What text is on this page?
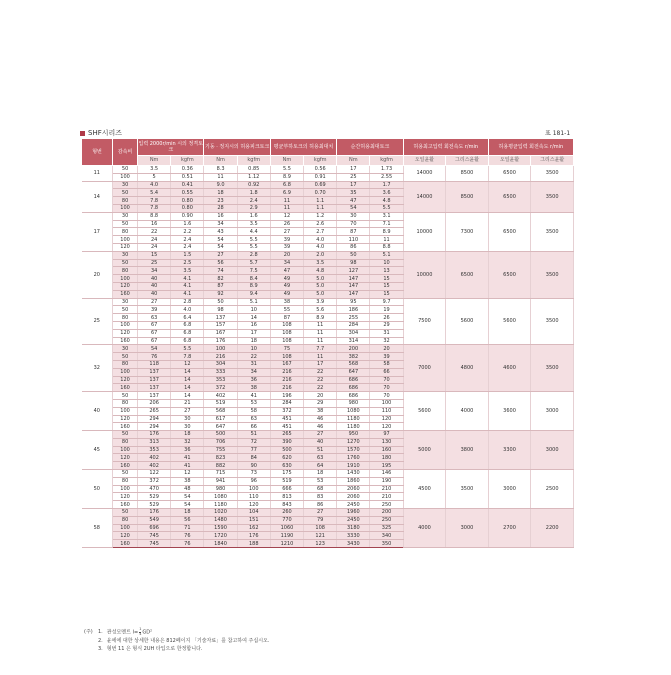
SHF시리즈	표 181-1
형번	감속비	입력 2000r/min 시의 정격토크		기동 · 정지시의 허용피크토크		평균부하토크의 허용최대치		순간허용최대토크		허용최고입력 회전속도 r/min		허용평균입력 회전속도 r/min	
		Nm	kgfm	Nm	kgfm	Nm	kgfm	Nm	kgfm	오일윤활	그리스윤활	오일윤활	그리스윤활
11	50	3.5	0.36	8.3	0.85	5.5	0.56	17	1.73	14000	8500	6500	3500
	100	5	0.51	11	1.12	8.9	0.91	25	2.55				
14	30	4.0	0.41	9.0	0.92	6.8	0.69	17	1.7	14000	8500	6500	3500
	50	5.4	0.55	18	1.8	6.9	0.70	35	3.6				
	80	7.8	0.80	23	2.4	11	1.1	47	4.8				
	100	7.8	0.80	28	2.9	11	1.1	54	5.5				
17	30	8.8	0.90	16	1.6	12	1.2	30	3.1	10000	7300	6500	3500
	50	16	1.6	34	3.5	26	2.6	70	7.1				
	80	22	2.2	43	4.4	27	2.7	87	8.9				
	100	24	2.4	54	5.5	39	4.0	110	11				
	120	24	2.4	54	5.5	39	4.0	86	8.8				
20	30	15	1.5	27	2.8	20	2.0	50	5.1	10000	6500	6500	3500
	50	25	2.5	56	5.7	34	3.5	98	10				
	80	34	3.5	74	7.5	47	4.8	127	13				
	100	40	4.1	82	8.4	49	5.0	147	15				
	120	40	4.1	87	8.9	49	5.0	147	15				
	160	40	4.1	92	9.4	49	5.0	147	15				
25	30	27	2.8	50	5.1	38	3.9	95	9.7	7500	5600	5600	3500
	50	39	4.0	98	10	55	5.6	186	19				
	80	63	6.4	137	14	87	8.9	255	26				
	100	67	6.8	157	16	108	11	284	29				
	120	67	6.8	167	17	108	11	304	31				
	160	67	6.8	176	18	108	11	314	32				
32	30	54	5.5	100	10	75	7.7	200	20	7000	4800	4600	3500
	50	76	7.8	216	22	108	11	382	39				
	80	118	12	304	31	167	17	568	58				
	100	137	14	333	34	216	22	647	66				
	120	137	14	353	36	216	22	686	70				
	160	137	14	372	38	216	22	686	70				
40	50	137	14	402	41	196	20	686	70	5600	4000	3600	3000
	80	206	21	519	53	284	29	980	100				
	100	265	27	568	58	372	38	1080	110				
	120	294	30	617	63	451	46	1180	120				
	160	294	30	647	66	451	46	1180	120				
45	50	176	18	500	51	265	27	950	97	5000	3800	3300	3000
	80	313	32	706	72	390	40	1270	130				
	100	353	36	755	77	500	51	1570	160				
	120	402	41	823	84	620	63	1760	180				
	160	402	41	882	90	630	64	1910	195				
50	50	122	12	715	73	175	18	1430	146	4500	3500	3000	2500
	80	372	38	941	96	519	53	1860	190				
	100	470	48	980	100	666	68	2060	210				
	120	529	54	1080	110	813	83	2060	210				
	160	529	54	1180	120	843	86	2450	250				
58	50	176	18	1020	104	260	27	1960	200	4000	3000	2700	2200
	80	549	56	1480	151	770	79	2450	250				
	100	696	71	1590	162	1060	108	3180	325				
	120	745	76	1720	176	1190	121	3330	340				
	160	745	76	1840	188	1210	123	3430	350				
(주) 1. 관성모멘트 $I= \frac{1}{4} GD^2$
2. 윤에에 대한 상세한 내용은 812페이지 「기술자료」를 참고하여 주십시오.
3. 형번 11 은 형식 2UH 타입으로 한정합니다.
